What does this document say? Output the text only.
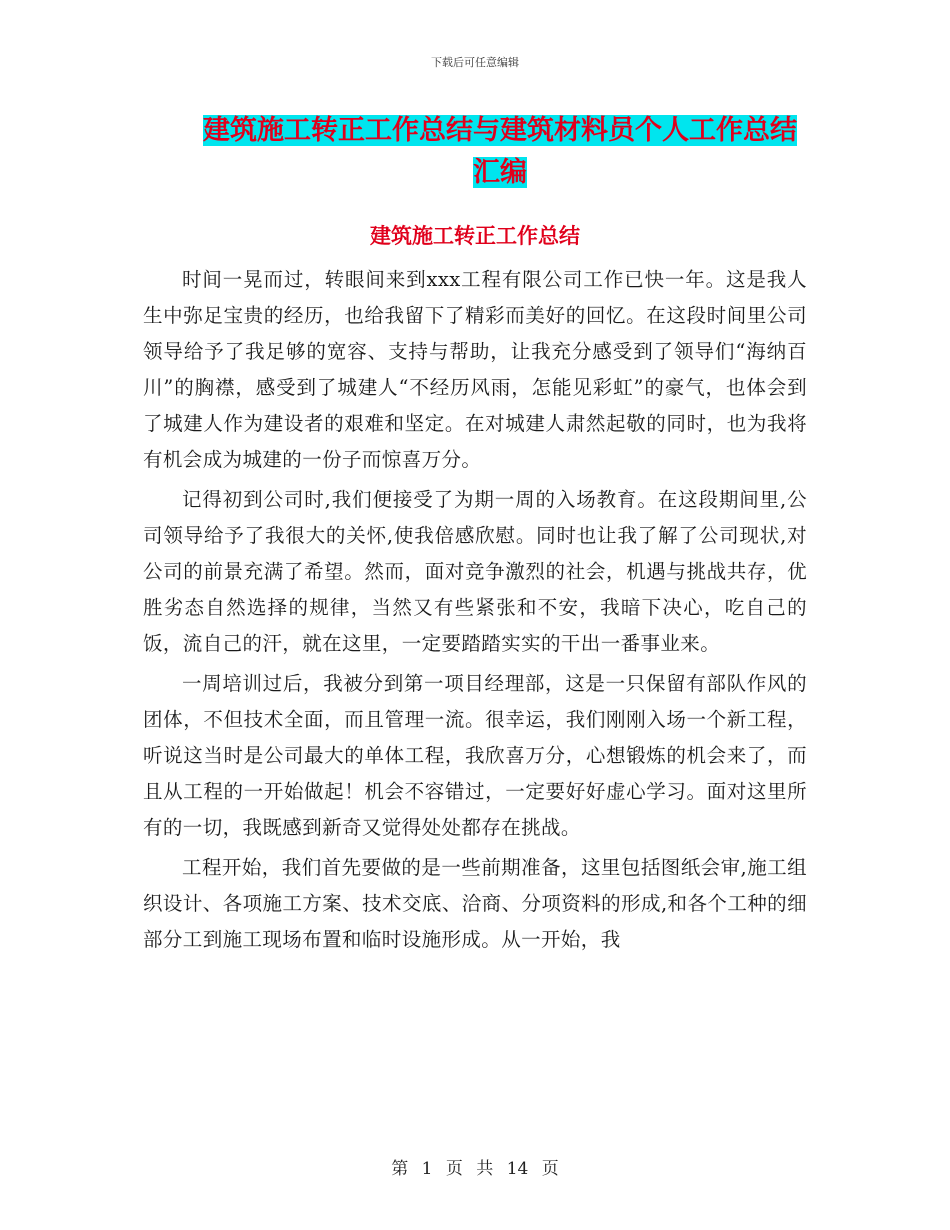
下载后可任意编辑
建筑施工转正工作总结与建筑材料员个人工作总结汇编
建筑施工转正工作总结

时间一晃而过，转眼间来到xxx工程有限公司工作已快一年。这是我人生中弥足宝贵的经历，也给我留下了精彩而美好的回忆。在这段时间里公司领导给予了我足够的宽容、支持与帮助，让我充分感受到了领导们“海纳百川”的胸襟，感受到了城建人“不经历风雨，怎能见彩虹”的豪气，也体会到了城建人作为建设者的艰难和坚定。在对城建人肃然起敬的同时，也为我将有机会成为城建的一份子而惊喜万分。

记得初到公司时,我们便接受了为期一周的入场教育。在这段期间里,公司领导给予了我很大的关怀,使我倍感欣慰。同时也让我了解了公司现状,对公司的前景充满了希望。然而，面对竞争激烈的社会，机遇与挑战共存，优胜劣态自然选择的规律，当然又有些紧张和不安，我暗下决心，吃自己的饭，流自己的汗，就在这里，一定要踏踏实实的干出一番事业来。

一周培训过后，我被分到第一项目经理部，这是一只保留有部队作风的团体，不但技术全面，而且管理一流。很幸运，我们刚刚入场一个新工程，听说这当时是公司最大的单体工程，我欣喜万分，心想锻炼的机会来了，而且从工程的一开始做起！机会不容错过，一定要好好虚心学习。面对这里所有的一切，我既感到新奇又觉得处处都存在挑战。

工程开始，我们首先要做的是一些前期准备，这里包括图纸会审,施工组织设计、各项施工方案、技术交底、洽商、分项资料的形成,和各个工种的细部分工到施工现场布置和临时设施形成。从一开始，我

第 1 页 共 14 页
